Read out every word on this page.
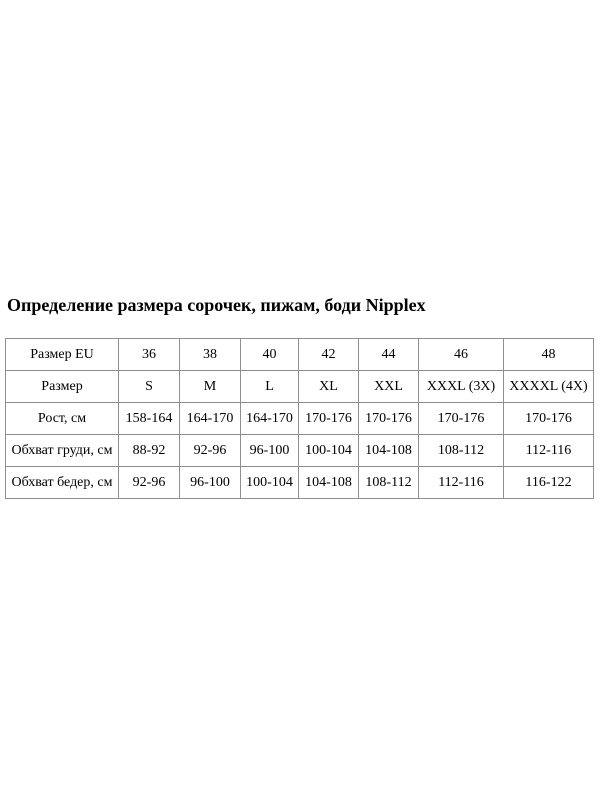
Определение размера сорочек, пижам, боди Nipplex
Размер EU	36	38	40	42	44	46	48
Размер	S	M	L	XL	XXL	XXXL (3X)	XXXXL (4X)
Рост, см	158-164	164-170	164-170	170-176	170-176	170-176	170-176
Обхват груди, см	88-92	92-96	96-100	100-104	104-108	108-112	112-116
Обхват бедер, см	92-96	96-100	100-104	104-108	108-112	112-116	116-122
